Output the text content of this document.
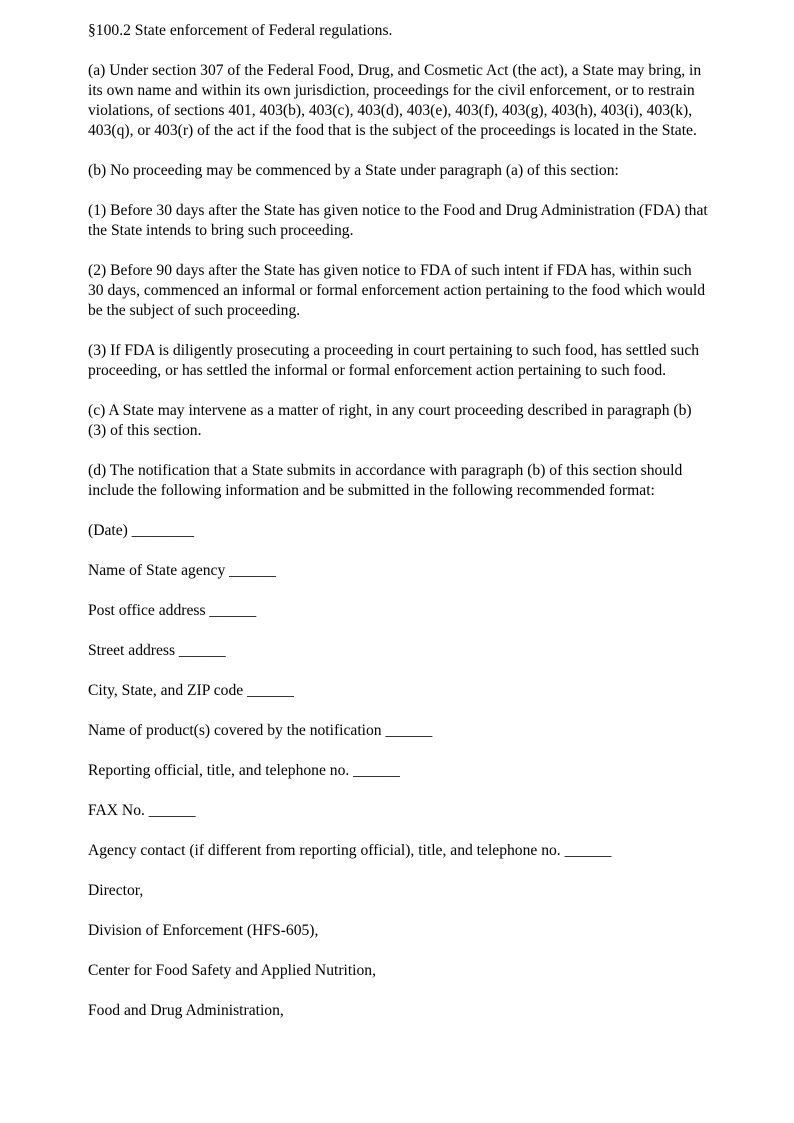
§100.2 State enforcement of Federal regulations.

(a) Under section 307 of the Federal Food, Drug, and Cosmetic Act (the act), a State may bring, in its own name and within its own jurisdiction, proceedings for the civil enforcement, or to restrain violations, of sections 401, 403(b), 403(c), 403(d), 403(e), 403(f), 403(g), 403(h), 403(i), 403(k), 403(q), or 403(r) of the act if the food that is the subject of the proceedings is located in the State.

(b) No proceeding may be commenced by a State under paragraph (a) of this section:

(1) Before 30 days after the State has given notice to the Food and Drug Administration (FDA) that the State intends to bring such proceeding.

(2) Before 90 days after the State has given notice to FDA of such intent if FDA has, within such 30 days, commenced an informal or formal enforcement action pertaining to the food which would be the subject of such proceeding.

(3) If FDA is diligently prosecuting a proceeding in court pertaining to such food, has settled such proceeding, or has settled the informal or formal enforcement action pertaining to such food.

(c) A State may intervene as a matter of right, in any court proceeding described in paragraph (b)(3) of this section.

(d) The notification that a State submits in accordance with paragraph (b) of this section should include the following information and be submitted in the following recommended format:

(Date) ________

Name of State agency ______

Post office address ______

Street address ______

City, State, and ZIP code ______

Name of product(s) covered by the notification ______

Reporting official, title, and telephone no. ______

FAX No. ______

Agency contact (if different from reporting official), title, and telephone no. ______

Director,

Division of Enforcement (HFS-605),

Center for Food Safety and Applied Nutrition,

Food and Drug Administration,
